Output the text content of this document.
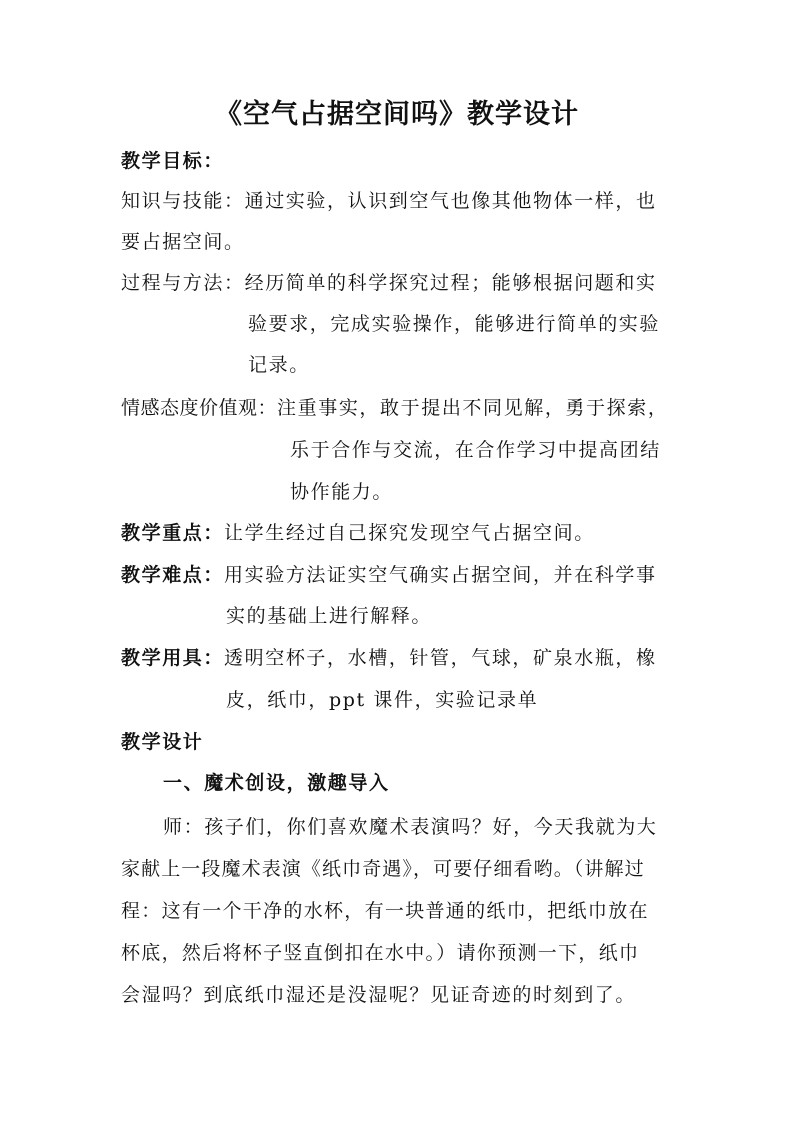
《空气占据空间吗》教学设计
教学目标：
知识与技能：通过实验，认识到空气也像其他物体一样，也
要占据空间。
过程与方法：经历简单的科学探究过程；能够根据问题和实
验要求，完成实验操作，能够进行简单的实验
记录。
情感态度价值观：注重事实，敢于提出不同见解，勇于探索，
乐于合作与交流，在合作学习中提高团结
协作能力。
教学重点：让学生经过自己探究发现空气占据空间。
教学难点：用实验方法证实空气确实占据空间，并在科学事
实的基础上进行解释。
教学用具：透明空杯子，水槽，针管，气球，矿泉水瓶，橡
皮，纸巾，ppt 课件，实验记录单
教学设计
一、魔术创设，激趣导入
师：孩子们，你们喜欢魔术表演吗？好，今天我就为大
家献上一段魔术表演《纸巾奇遇》，可要仔细看哟。（讲解过
程：这有一个干净的水杯，有一块普通的纸巾，把纸巾放在
杯底，然后将杯子竖直倒扣在水中。）请你预测一下，纸巾
会湿吗？到底纸巾湿还是没湿呢？见证奇迹的时刻到了。
